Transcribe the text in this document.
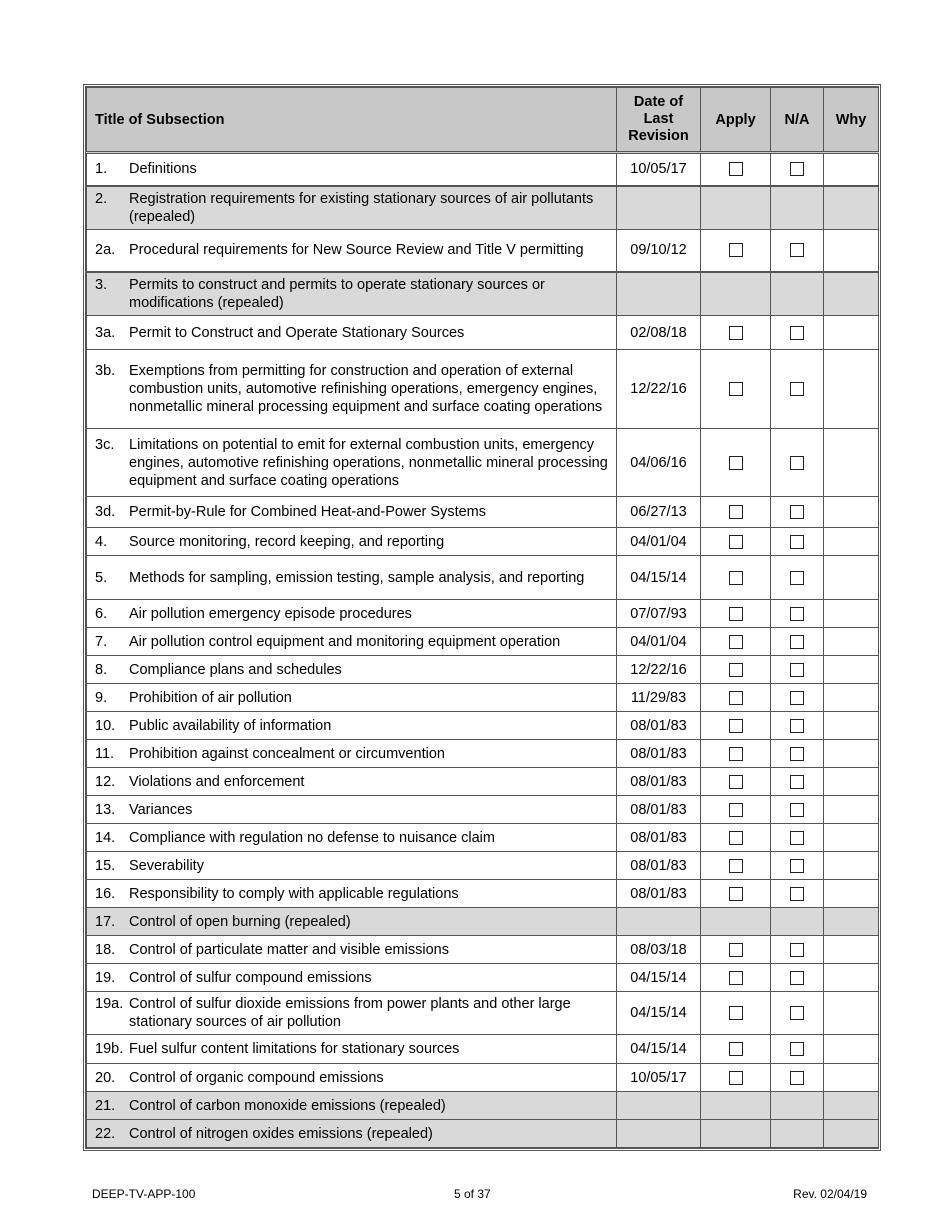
Title of Subsection	Date of
Last
Revision	Apply	N/A	Why

1. Definitions	10/05/17			

2. Registration requirements for existing stationary sources of air pollutants (repealed)				

2a. Procedural requirements for New Source Review and Title V permitting	09/10/12			

3. Permits to construct and permits to operate stationary sources or modifications (repealed)				

3a. Permit to Construct and Operate Stationary Sources	02/08/18			

3b. Exemptions from permitting for construction and operation of external combustion units, automotive refinishing operations, emergency engines, nonmetallic mineral processing equipment and surface coating operations	12/22/16			

3c. Limitations on potential to emit for external combustion units, emergency engines, automotive refinishing operations, nonmetallic mineral processing equipment and surface coating operations	04/06/16			

3d. Permit-by-Rule for Combined Heat-and-Power Systems	06/27/13			

4. Source monitoring, record keeping, and reporting	04/01/04			

5. Methods for sampling, emission testing, sample analysis, and reporting	04/15/14			

6. Air pollution emergency episode procedures	07/07/93			

7. Air pollution control equipment and monitoring equipment operation	04/01/04			

8. Compliance plans and schedules	12/22/16			

9. Prohibition of air pollution	11/29/83			

10. Public availability of information	08/01/83			

11. Prohibition against concealment or circumvention	08/01/83			

12. Violations and enforcement	08/01/83			

13. Variances	08/01/83			

14. Compliance with regulation no defense to nuisance claim	08/01/83			

15. Severability	08/01/83			

16. Responsibility to comply with applicable regulations	08/01/83			

17. Control of open burning (repealed)				

18. Control of particulate matter and visible emissions	08/03/18			

19. Control of sulfur compound emissions	04/15/14			

19a. Control of sulfur dioxide emissions from power plants and other large stationary sources of air pollution	04/15/14			

19b. Fuel sulfur content limitations for stationary sources	04/15/14			

20. Control of organic compound emissions	10/05/17			

21. Control of carbon monoxide emissions (repealed)				

22. Control of nitrogen oxides emissions (repealed)				

DEEP-TV-APP-100	5 of 37	Rev. 02/04/19
